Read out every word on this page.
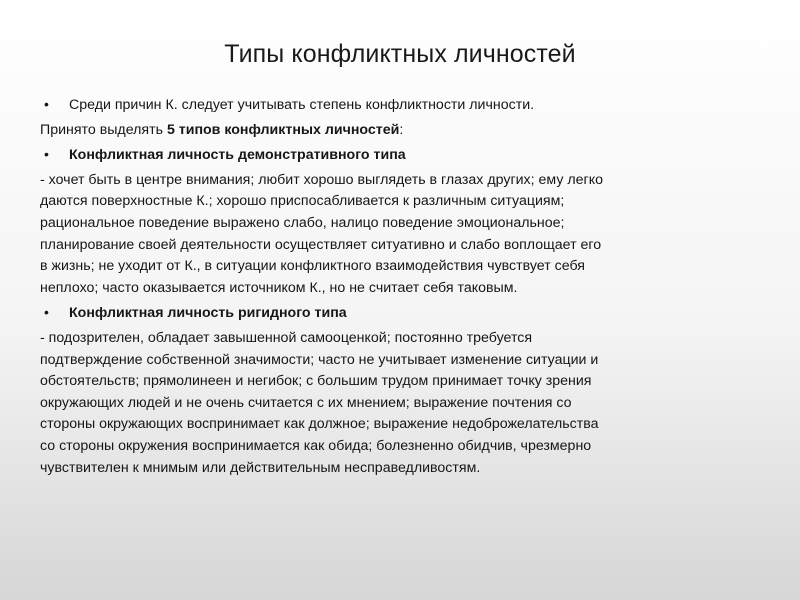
Типы конфликтных личностей
•	Среди причин К. следует учитывать степень конфликтности личности.
Принято выделять 5 типов конфликтных личностей:
•	Конфликтная личность демонстративного типа
- хочет быть в центре внимания; любит хорошо выглядеть в глазах других; ему легко
даются поверхностные К.; хорошо приспосабливается к различным ситуациям;
рациональное поведение выражено слабо, налицо поведение эмоциональное;
планирование своей деятельности осуществляет ситуативно и слабо воплощает его
в жизнь; не уходит от К., в ситуации конфликтного взаимодействия чувствует себя
неплохо; часто оказывается источником К., но не считает себя таковым.
•	Конфликтная личность ригидного типа
- подозрителен, обладает завышенной самооценкой; постоянно требуется
подтверждение собственной значимости; часто не учитывает изменение ситуации и
обстоятельств; прямолинеен и негибок; с большим трудом принимает точку зрения
окружающих людей и не очень считается с их мнением; выражение почтения со
стороны окружающих воспринимает как должное; выражение недоброжелательства
со стороны окружения воспринимается как обида; болезненно обидчив, чрезмерно
чувствителен к мнимым или действительным несправедливостям.
